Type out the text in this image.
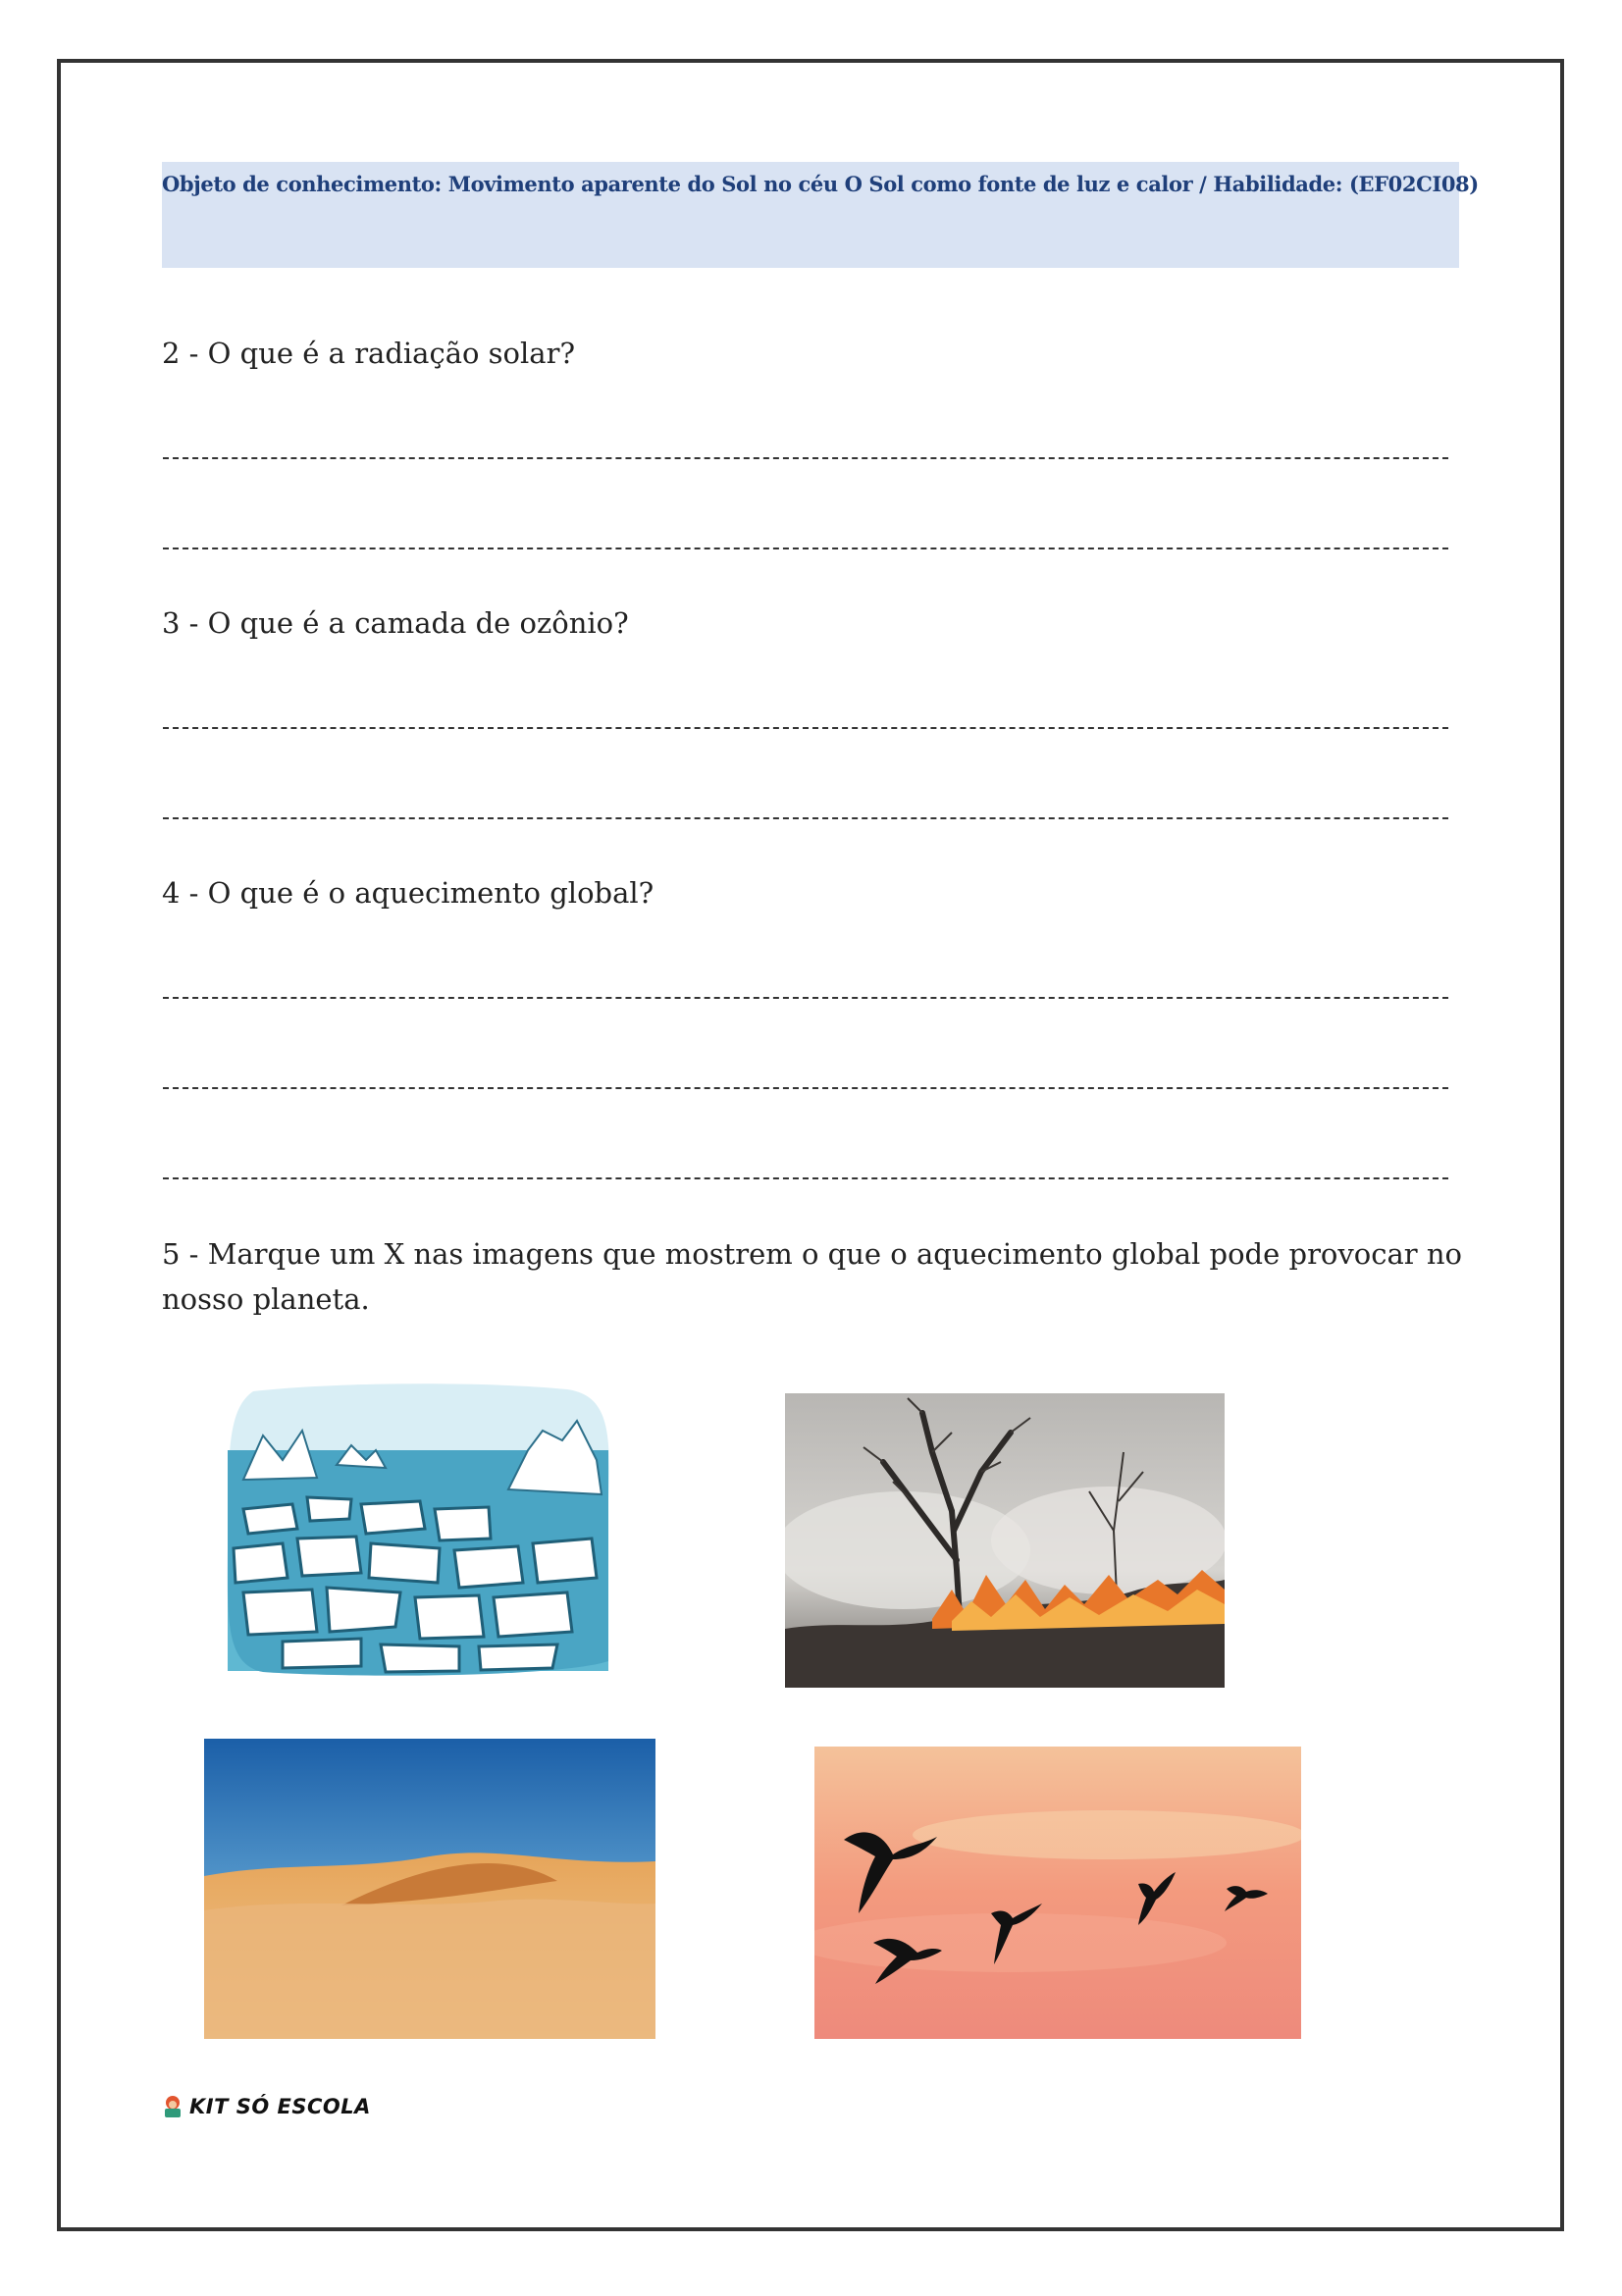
Objeto de conhecimento: Movimento aparente do Sol no céu O Sol como fonte de luz e calor / Habilidade: (EF02CI08)
2 - O que é a radiação solar?
3 - O que é a camada de ozônio?
4 - O que é o aquecimento global?
5 - Marque um X nas imagens que mostrem o que o aquecimento global pode provocar no nosso planeta.
KIT SÓ ESCOLA
